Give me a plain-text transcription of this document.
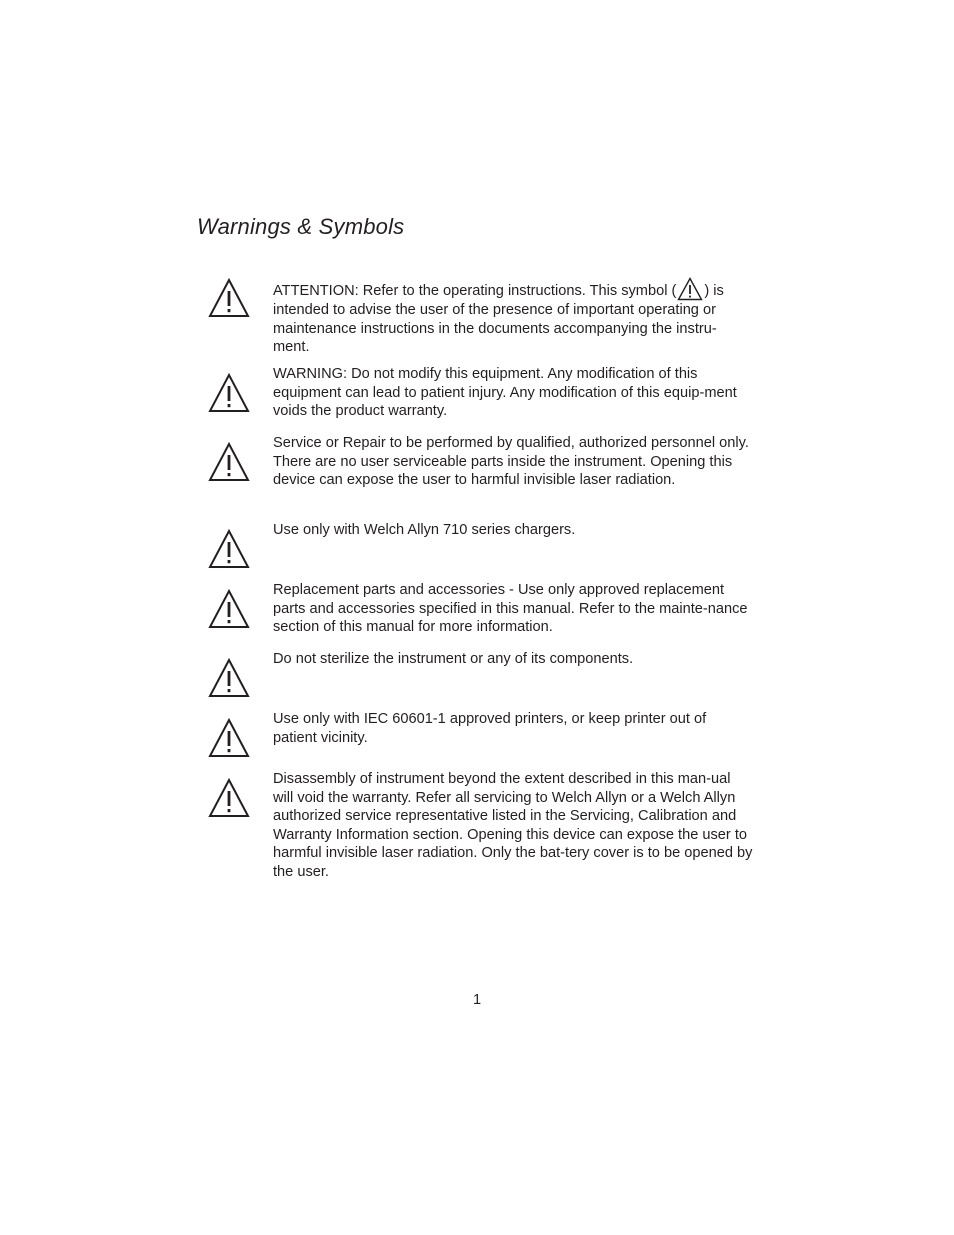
Warnings & Symbols

ATTENTION: Refer to the operating instructions. This symbol ( ) is intended to advise the user of the presence of important operating or maintenance instructions in the documents accompanying the instru-ment.

WARNING: Do not modify this equipment. Any modification of this equipment can lead to patient injury. Any modification of this equip-ment voids the product warranty.

Service or Repair to be performed by qualified, authorized personnel only. There are no user serviceable parts inside the instrument. Opening this device can expose the user to harmful invisible laser radiation.

Use only with Welch Allyn 710 series chargers.

Replacement parts and accessories - Use only approved replacement parts and accessories specified in this manual. Refer to the mainte-nance section of this manual for more information.

Do not sterilize the instrument or any of its components.

Use only with IEC 60601-1 approved printers, or keep printer out of patient vicinity.

Disassembly of instrument beyond the extent described in this man-ual will void the warranty. Refer all servicing to Welch Allyn or a Welch Allyn authorized service representative listed in the Servicing, Calibration and Warranty Information section. Opening this device can expose the user to harmful invisible laser radiation. Only the bat-tery cover is to be opened by the user.

1
